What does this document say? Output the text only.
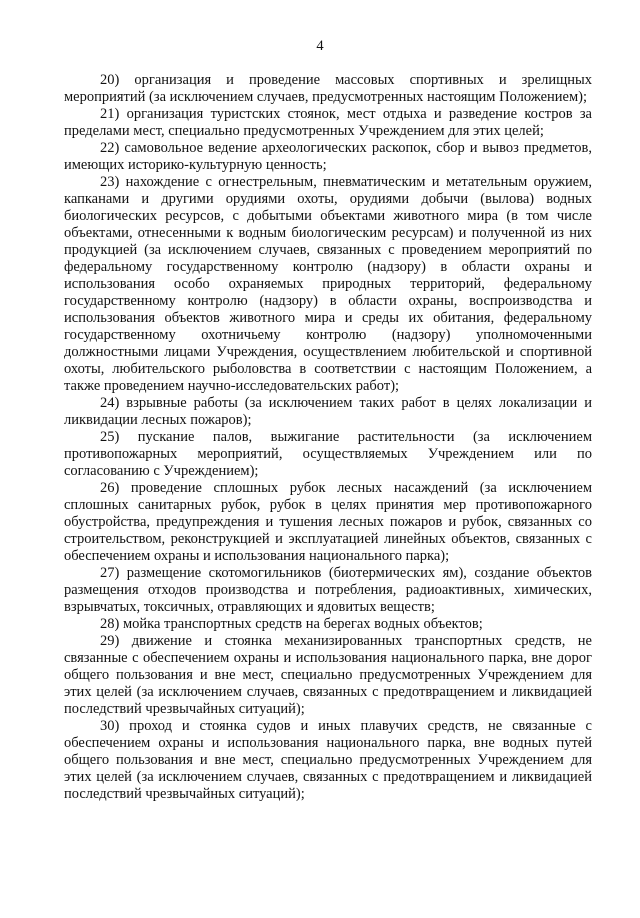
4

20) организация и проведение массовых спортивных и зрелищных мероприятий (за исключением случаев, предусмотренных настоящим Положением);

21) организация туристских стоянок, мест отдыха и разведение костров за пределами мест, специально предусмотренных Учреждением для этих целей;

22) самовольное ведение археологических раскопок, сбор и вывоз предметов, имеющих историко-культурную ценность;

23) нахождение с огнестрельным, пневматическим и метательным оружием, капканами и другими орудиями охоты, орудиями добычи (вылова) водных биологических ресурсов, с добытыми объектами животного мира (в том числе объектами, отнесенными к водным биологическим ресурсам) и полученной из них продукцией (за исключением случаев, связанных с проведением мероприятий по федеральному государственному контролю (надзору) в области охраны и использования особо охраняемых природных территорий, федеральному государственному контролю (надзору) в области охраны, воспроизводства и использования объектов животного мира и среды их обитания, федеральному государственному охотничьему контролю (надзору) уполномоченными должностными лицами Учреждения, осуществлением любительской и спортивной охоты, любительского рыболовства в соответствии с настоящим Положением, а также проведением научно-исследовательских работ);

24) взрывные работы (за исключением таких работ в целях локализации и ликвидации лесных пожаров);

25) пускание палов, выжигание растительности (за исключением противопожарных мероприятий, осуществляемых Учреждением или по согласованию с Учреждением);

26) проведение сплошных рубок лесных насаждений (за исключением сплошных санитарных рубок, рубок в целях принятия мер противопожарного обустройства, предупреждения и тушения лесных пожаров и рубок, связанных со строительством, реконструкцией и эксплуатацией линейных объектов, связанных с обеспечением охраны и использования национального парка);

27) размещение скотомогильников (биотермических ям), создание объектов размещения отходов производства и потребления, радиоактивных, химических, взрывчатых, токсичных, отравляющих и ядовитых веществ;

28) мойка транспортных средств на берегах водных объектов;

29) движение и стоянка механизированных транспортных средств, не связанные с обеспечением охраны и использования национального парка, вне дорог общего пользования и вне мест, специально предусмотренных Учреждением для этих целей (за исключением случаев, связанных с предотвращением и ликвидацией последствий чрезвычайных ситуаций);

30) проход и стоянка судов и иных плавучих средств, не связанные с обеспечением охраны и использования национального парка, вне водных путей общего пользования и вне мест, специально предусмотренных Учреждением для этих целей (за исключением случаев, связанных с предотвращением и ликвидацией последствий чрезвычайных ситуаций);
